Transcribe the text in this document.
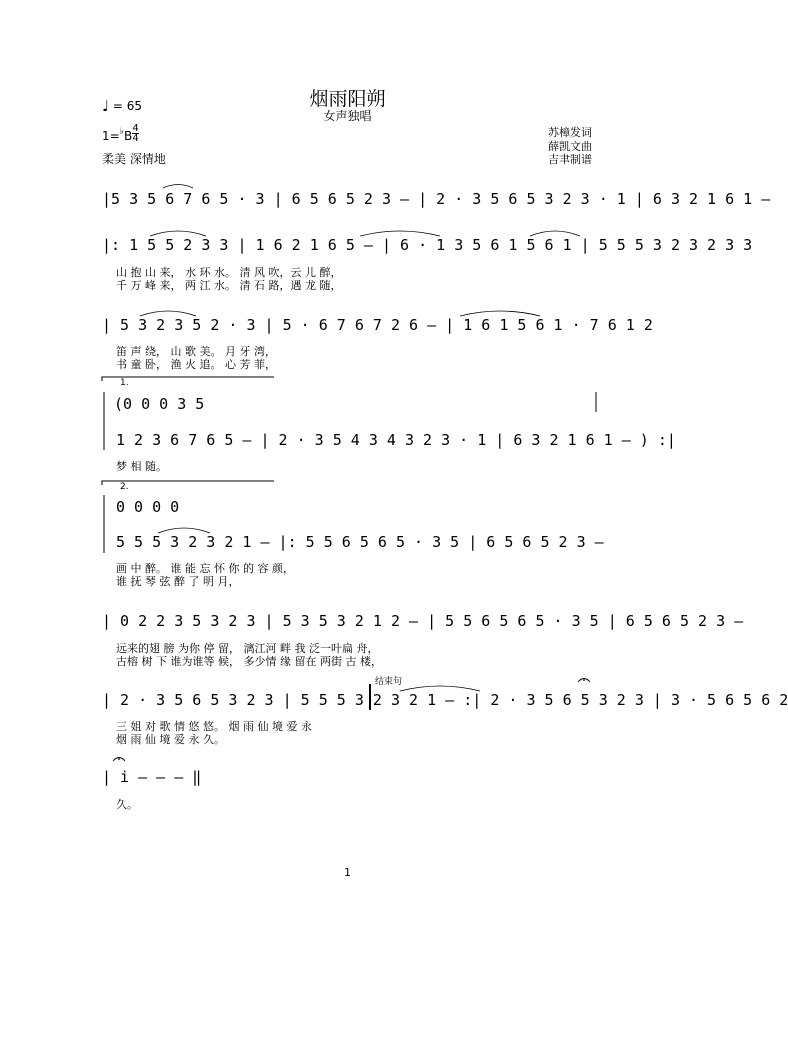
烟雨阳朔
女声独唱
♩ = 65
1=♭B
4
4
柔美 深情地
苏樟发词
薛凯文曲
吉聿制谱
|5 3 5 6 7 6 5 · 3 | 6 5 6 5 2 3 – | 2 · 3 5 6 5 3 2 3 · 1 | 6 3 2 1 6 1 –
|: 1 5 5 2 3 3 | 1 6 2 1 6 5 – | 6 · 1 3 5 6 1 5 6 1 | 5 5 5 3 2 3 2 3 3
山 抱 山 来， 水 环 水。 清 风 吹，云 儿 醉，
千 万 峰 来， 两 江 水。 清 石 路，遇 龙 随，
| 5 3 2 3 5 2 · 3 | 5 · 6 7 6 7 2 6 – | 1 6 1 5 6 1 · 7 6 1 2
笛 声 绕， 山 歌 美。 月 牙 湾，
书 童 卧， 渔 火 追。 心 芳 菲，
1.
(0 0 0 3 5
1 2 3 6 7 6 5 – | 2 · 3 5 4 3 4 3 2 3 · 1 | 6 3 2 1 6 1 – ) :|
梦 相 随。
2.
0 0 0 0
5 5 5 3 2 3 2 1 – |: 5 5 6 5 6 5 · 3 5 | 6 5 6 5 2 3 –
画 中 醉。 谁 能 忘 怀 你 的 容 颜，
谁 抚 琴 弦 醉 了 明 月，
| 0 2 2 3 5 3 2 3 | 5 3 5 3 2 1 2 – | 5 5 6 5 6 5 · 3 5 | 6 5 6 5 2 3 –
远来的翅 膀 为你 停 留， 漓江河 畔 我 泛一叶扁 舟，
古榕 树 下 谁为谁等 候， 多少情 缘 留在 两街 古 楼，
结束句
| 2 · 3 5 6 5 3 2 3 | 5 5 5 3 2 3 2 1 – :| 2 · 3 5 6 5 3 2 3 | 3 · 5 6 5 6 2
三 姐 对 歌 情 悠 悠。 烟 雨 仙 境 爱 永
烟 雨 仙 境 爱 永 久。
| i – – – ‖
久。
1
